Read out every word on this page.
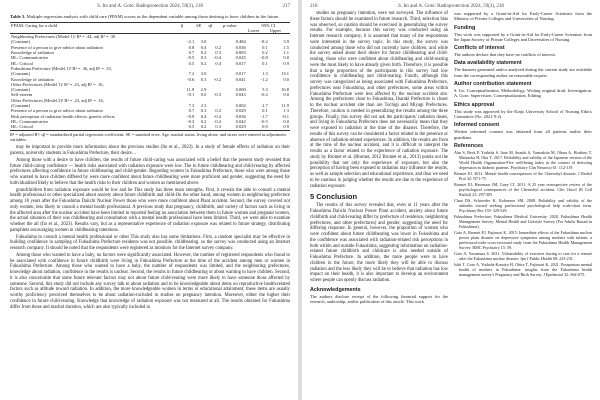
S. Ito and A. Goto: Radioprotection 2024, 59(3), 218	217
Table 5. Multiple regression analysis with child care (FPAM) scores as the dependent variable among those desiring to have children in the future.
FPAM: Caring for a child	β	SE	sβ	p-value	95% CI	
					Lower	Upper
Neighboring Prefectures (Model 1)ᵃ R² = .44, adj R² = .30						
(Constant)	-2.1	3.0		0.484	-8.2	3.9
Presence of a person to give advice about radiation	0.8	0.4	0.2	0.036	0.1	1.5
Knowledge of radiation	0.7	0.2	0.3	0.003	0.2	1.1
HL: Communicative	-0.5	0.3	-0.4	0.025	-0.8	0.0
HL: Critical	0.5	0.2	0.4	0.017	0.1	0.9
Fukushima Prefecture (Model 1)ᵇ R² = .36, adj R² = .33,						
(Constant)	7.2	3.0		0.017	1.3	13.1
Knowledge of radiation	-0.6	0.3	-0.2	0.041	-1.2	0.0
Other Prefectures (Model 1)ᶜ R² = .23, adj R² = .16,						
(Constant)	11.0	2.9		0.000	5.3	16.8
Self-esteem	-0.1	0.0	-0.3	0.043	-0.2	0.0
Other Prefectures (Model 2)ᵈ R² = .23, adj R² = .16,						
(Constant)	7.3	2.3		0.002	2.7	11.9
Presence of a person to give advice about radiation	0.7	0.3	0.2	0.029	0.1	1.3
Risk perception of radiation health effects: genetic effects	-0.9	0.4	-0.4	0.036	-1.7	-0.1
HL: Communicative	-0.3	0.2	-0.4	0.042	-0.5	0.0
HL: Critical	0.5	0.2	0.3	0.029	0.0	0.9
R² = adjusted R²; sβ = standardized partial regression coefficient; SE = standard error. Age, marital status, living alone, and stress were entered as adjustment variables.

may be important to provide more information about the previous studies (Ito et al., 2023). In a study of female effects of radiation on their parents, university students in Fukushima Prefecture, their desire…

Among those with a desire to have children, the results of future child-caring was associated with a belief that the present study revealed that future child-caring confidence — health risks associated with radiation exposure were low. The in future childbearing and child-rearing by affected prefectures affecting confidence in future childbearing and child-gender. Regarding women in Fukushima Prefecture, those who were among those who wanted to have children differed by were more confident about future childbearing were more proficient and gender, suggesting the need for individualized likely to believe that the health risks to their children and women as mentioned above.

grandchildren from radiation exposure would be low and be This study has three main strengths. First, it reveals the able to consult a mental health professional or other specialized about anxiety about future childbirth and child-On the other hand, among women in neighboring prefecture among 18 years after the Fukushima Daiichi Nuclear Power those who were more confident about Plant accident. Second, the survey covered not only women, less likely to consult a mental health professional. A previous study that pregnancy, childbirth, and variety of factors such as living in the affected area after the nuclear accident have been limited to reported feeling no association between them in future women and pregnant women, the actual situation of their was childbearing and consultation with a mental health professional have been limited. Third, we were able to examine whether the all (Ito et al., 2023). Results vary, but as a representative experience of radiation exposure was related to future strategy, distributing pamphlets encouraging women in childbearing intentions.

Fukushima to consult a mental health professional or other This study also has some limitations. First, a random specialist may be effective in building confidence in sampling of Fukushima Prefecture residents was not possible, childbearing. so the survey was conducted using an Internet research company. It should be noted that the respondents were registered as monitors for the Internet survey company.

Among those who wanted to have a baby, no factors were significantly associated. However, the number of registered respondents who found to be associated with confidence in future childbirth were living in Fukushima Prefecture at the time of the accident among men or women in Fukushima Prefecture. Among those who wanted to have a baby, the number of respondents was limited, and the neighboring prefectures, knowledge about radiation, confidence in the results is unclear. Second, the results in future childbearing or about wanting to have children. Second, it is also conceivable that some future relevant factors may not about future child-rearing were more likely to have someone those affected by someone. Second, this study did not include any survey talk to about radiation and to be knowledgeable about items on reproductive health-related factors such as attitude toward radiation. In addition, the more knowledgeable women in terms or educational attainment; these items are usually worthy proficiency perceived themselves to be about radiation-included in studies on pregnancy intention. Moreover, either the higher their confidence in future child-rearing. Knowledge that knowledge of radiation exposure was not measured at all. The results obtained for Fukushima differ from those and marital duration, which are also typically included in

218	S. Ito and A. Goto: Radioprotection 2024, 59(3), 218

studies on pregnancy intention, were not surveyed. The influence of these factors should be examined in future research. Third, selection bias was observed, so caution should be exercised in generalizing the survey results. For example, because this survey was conducted using an Internet research company, it is assumed that many of the respondents were interested in the survey topic. In this study, the survey was conducted among those who did not currently have children, and while the survey asked about their desire for future childbearing and child-rearing, those who were confident about childbearing and child-rearing were the most likely to have already given birth. Therefore, it is possible that a large proportion of the participants in this survey had low confidence in childbearing and child-rearing. Fourth, although this survey was categorized as being associated with Fukushima Prefecture, prefectures near Fukushima, and other prefectures, some areas within Fukushima Prefecture were less affected by the nuclear accident site. Among the prefectures close to Fukushima, Ibaraki Prefecture is closer to the nuclear accident site than are Tochigi and Miyagi Prefectures. Therefore, caution is needed in generalizing the results among the three groups. Finally, this survey did not ask the participants' radiation doses, and living in Fukushima Prefecture does not necessarily mean that they were exposed to radiation at the time of the disaster. Therefore, the results of this survey can be considered a factor related to the presence or absence of radiation-related experiences. In addition, the results are from at the time of the nuclear accident, and it is difficult to interpret the results as a factor related to the experience of radiation exposure. The study by Bromet et al. (Bromet, 2012 Bromet et al., 2013) points out the possibility that not only the experience of exposure, but also the perception of having been exposed to radiation may influence the results, as well as sample selection and educational experience, and thus we need to be cautious in judging whether the results are due to the experience of radiation exposure.

5 Conclusion

The results of this survey revealed that, even at 11 years after the Fukushima Daiichi Nuclear Power Plant accident, anxiety about future childbirth and child-rearing differ by prefecture of residence, neighboring prefectures, and other prefectures) and gender, suggesting the need for differing response. In general, however, the proportion of women who were confident about future childbearing was lower in Fukushima and the confidence was associated with radiation-related risk perceptions in both within and outside Fukushima, suggesting information on radiation-related future childbirth and childcare is also needed outside of Fukushima Prefecture. In addition, the more people were to have children in the future, the more likely they will be able to discuss radiation and the less likely they will be to believe that radiation has low impact on their health, it is also important to develop an environment where people can openly discuss radiation.

Acknowledgements

The authors disclose receipt of the following financial support for the research, authorship, and/or publication of this article. This work

was supported by a Grant-in-Aid for Early-Career Scientists from the Ministry of Private Colleges and Universities of Nursing.

Funding

This work was supported by a Grant-in-Aid for Early-Career Scientists from the Japan Society of Private Colleges and Universities of Nursing.

Conflicts of interest

The authors declare that they have no conflicts of interest.

Data availability statement

The datasets generated and/or analyzed during the current study are available from the corresponding author on reasonable request.

Author contribution statement

S. Ito: Conceptualization, Methodology, Writing original draft, Investigation. A. Goto: Supervision, Conceptualization, Editing.

Ethics approval

This study was approved by the Kinjo University School of Nursing Ethics Committee (No. 2021-9-2).

Informed consent

Written informed consent was obtained from all patients and/or their guardians.

References

Ahn S, Beck P, Yoshida S, Itaie M, Suzuki S, Yamashita M, Ohara A, Hoshino T, Matsuoka H, Oku Y. 2017. Reliability and validity of the Japanese version of the World Health Organization-Five well-being index in the context of detecting depression in diabetic patients. Psychiatry Clin Neurosci 61: 112-119.

Bromet EJ. 2012. Mental health consequences of the Chernobyl disaster. J Radiol Prot 32: N71-75.

Bromet EJ, Havenaar JM, Guey LT. 2011. A 25 year retrospective review of the psychological consequences of the Chernobyl accident. Clin Oncol (R Coll Radiol) 23: 297-305.

Chan DS, Schroeder K, Kobaenor SM. 2008. Reliability and validity of the attitudes toward seeking professional psychological help scale-short form. Psychiatry Res 159: 320-329.

Fukushima Prefecture, Fukushima Medical University. 2020. Fukushima Health Management Survey: Mental Health and Lifestyle Survey (For Adults Raised in Fukushima).

Gato A, Bromet EJ, Fujimori K. 2015. Immediate effects of the Fukushima nuclear power plant disaster on depressive symptoms among mothers with infants: a prefectural-wide cross-sectional study from the Fukushima Health Management Survey. BMC Psychiatry 15: 59.

Goto A, Yasumura S. 2021. Vulnerability of evacuees having to care for a remote after the Fukushima nuclear disaster. Jpn J Public Health 68: 225-231.

Ishii T, Goto A, Yoshida-Komiya H, Ohira T, Fujimori K. 2021. Postpartum mental health of mothers in Fukushima: insights from the Fukushima health management survey's Pregnancy and Birth Survey. J Epidemiol 32: S64-S75.
